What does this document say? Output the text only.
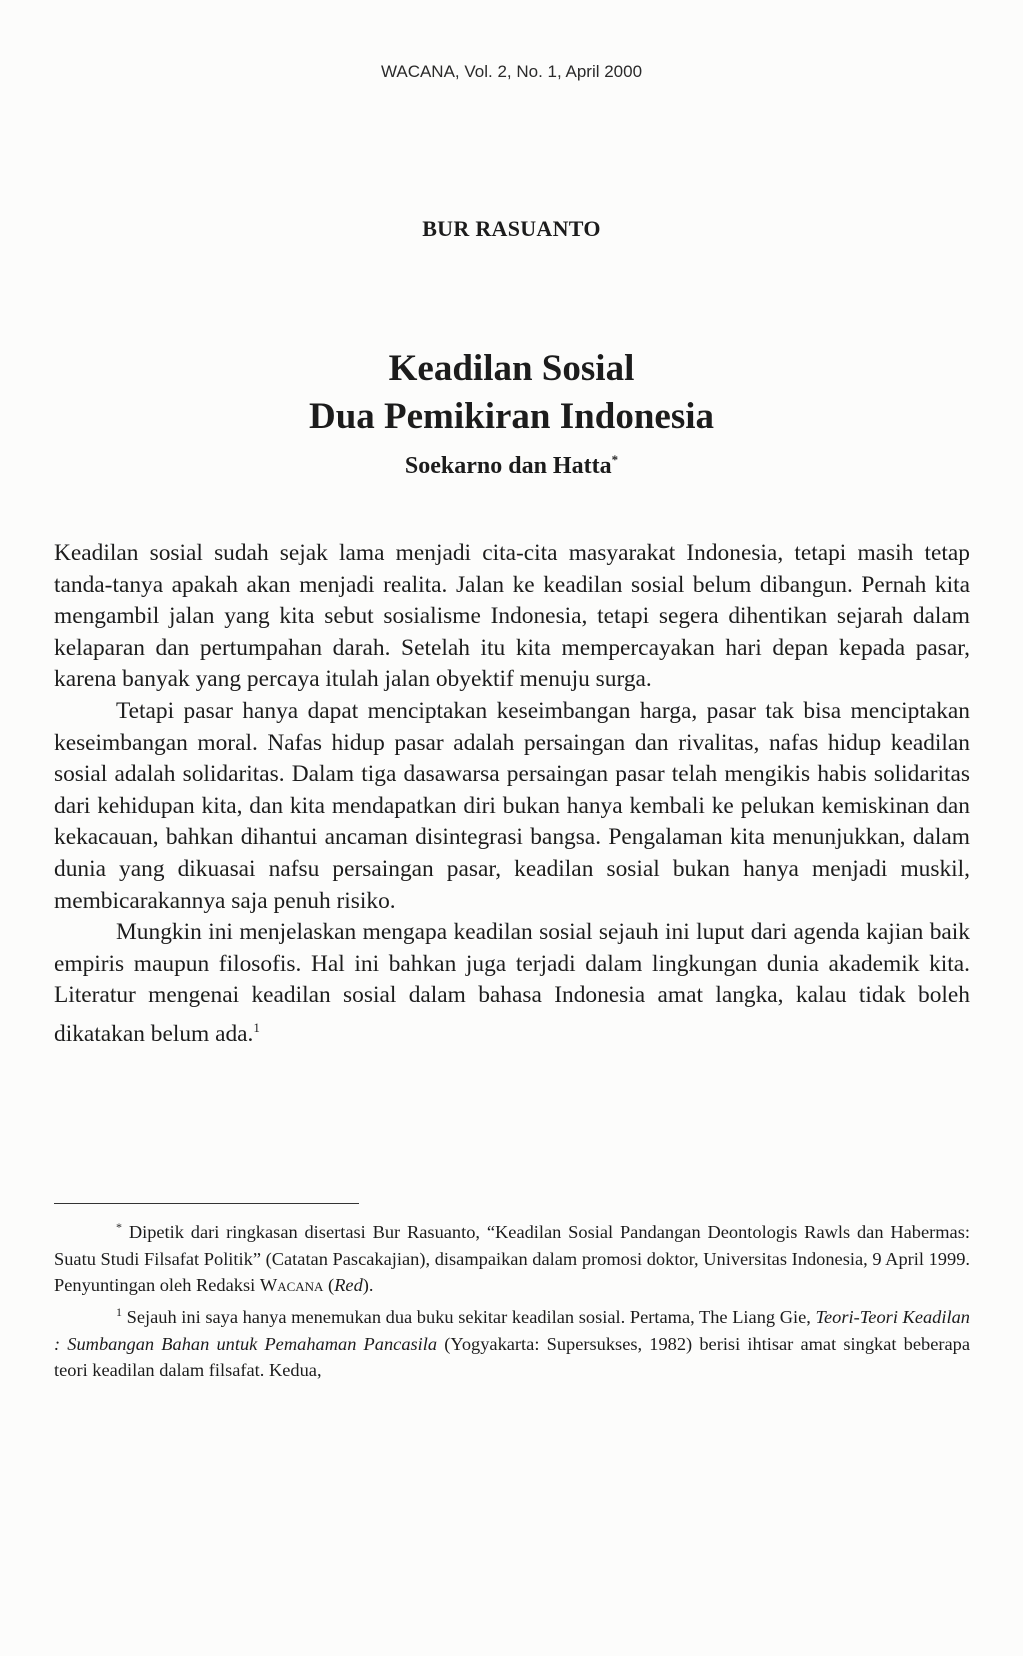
WACANA, Vol. 2, No. 1, April 2000
BUR RASUANTO
Keadilan Sosial
Dua Pemikiran Indonesia
Soekarno dan Hatta*

Keadilan sosial sudah sejak lama menjadi cita-cita masyarakat Indonesia, tetapi masih tetap tanda-tanya apakah akan menjadi realita. Jalan ke keadilan sosial belum dibangun. Pernah kita mengambil jalan yang kita sebut sosialisme Indonesia, tetapi segera dihentikan sejarah dalam kelaparan dan pertumpahan darah. Setelah itu kita mempercayakan hari depan kepada pasar, karena banyak yang percaya itulah jalan obyektif menuju surga.

Tetapi pasar hanya dapat menciptakan keseimbangan harga, pasar tak bisa menciptakan keseimbangan moral. Nafas hidup pasar adalah persaingan dan rivalitas, nafas hidup keadilan sosial adalah solidaritas. Dalam tiga dasawarsa persaingan pasar telah mengikis habis solidaritas dari kehidupan kita, dan kita mendapatkan diri bukan hanya kembali ke pelukan kemiskinan dan kekacauan, bahkan dihantui ancaman disintegrasi bangsa. Pengalaman kita menunjukkan, dalam dunia yang dikuasai nafsu persaingan pasar, keadilan sosial bukan hanya menjadi muskil, membicarakannya saja penuh risiko.

Mungkin ini menjelaskan mengapa keadilan sosial sejauh ini luput dari agenda kajian baik empiris maupun filosofis. Hal ini bahkan juga terjadi dalam lingkungan dunia akademik kita. Literatur mengenai keadilan sosial dalam bahasa Indonesia amat langka, kalau tidak boleh dikatakan belum ada.$^1$

* Dipetik dari ringkasan disertasi Bur Rasuanto, “Keadilan Sosial Pandangan Deontologis Rawls dan Habermas: Suatu Studi Filsafat Politik” (Catatan Pascakajian), disampaikan dalam promosi doktor, Universitas Indonesia, 9 April 1999. Penyuntingan oleh Redaksi Wacana (Red).

$^1$ Sejauh ini saya hanya menemukan dua buku sekitar keadilan sosial. Pertama, The Liang Gie, Teori-Teori Keadilan : Sumbangan Bahan untuk Pemahaman Pancasila (Yogyakarta: Supersukses, 1982) berisi ihtisar amat singkat beberapa teori keadilan dalam filsafat. Kedua,
